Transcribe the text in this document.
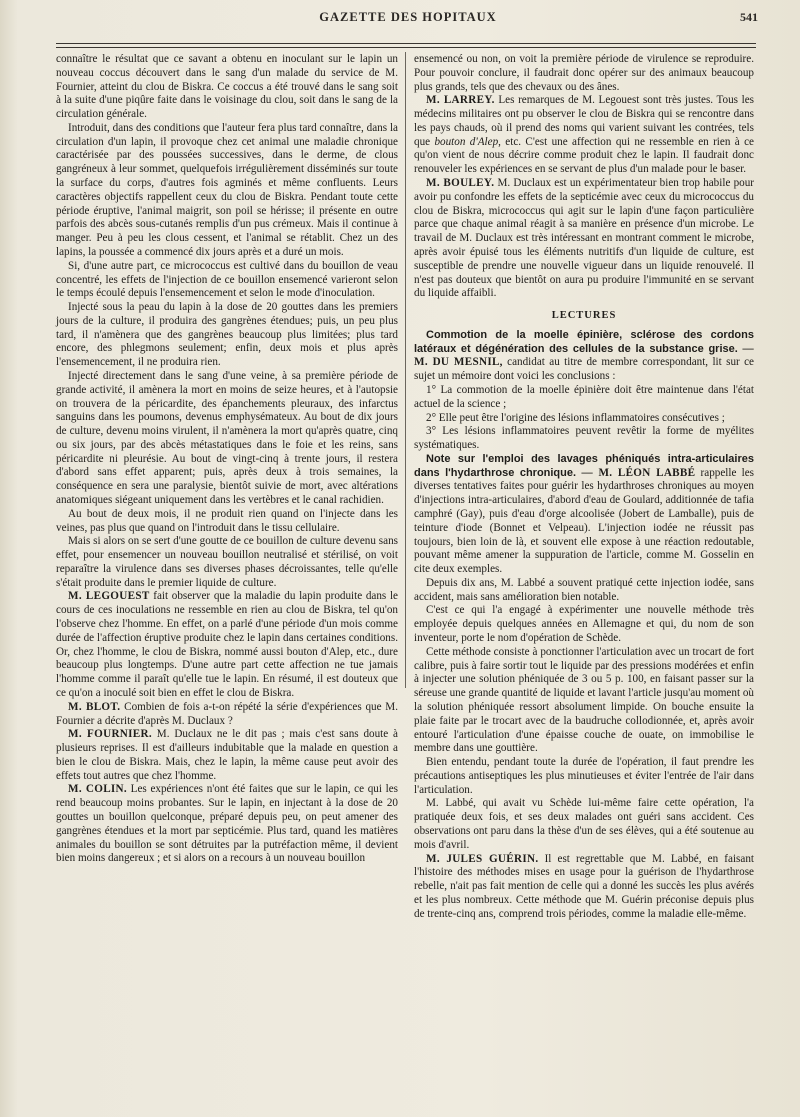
GAZETTE DES HOPITAUX	541

connaître le résultat que ce savant a obtenu en inoculant sur le lapin un nouveau coccus découvert dans le sang d'un malade du service de M. Fournier, atteint du clou de Biskra. Ce coccus a été trouvé dans le sang soit à la suite d'une piqûre faite dans le voisinage du clou, soit dans le sang de la circulation générale.

Introduit, dans des conditions que l'auteur fera plus tard connaître, dans la circulation d'un lapin, il provoque chez cet animal une maladie chronique caractérisée par des poussées successives, dans le derme, de clous gangréneux à leur sommet, quelquefois irrégulièrement disséminés sur toute la surface du corps, d'autres fois agminés et même confluents. Leurs caractères objectifs rappellent ceux du clou de Biskra. Pendant toute cette période éruptive, l'animal maigrit, son poil se hérisse; il présente en outre parfois des abcès sous-cutanés remplis d'un pus crémeux. Mais il continue à manger. Peu à peu les clous cessent, et l'animal se rétablit. Chez un des lapins, la poussée a commencé dix jours après et a duré un mois.

Si, d'une autre part, ce micrococcus est cultivé dans du bouillon de veau concentré, les effets de l'injection de ce bouillon ensemencé varieront selon le temps écoulé depuis l'ensemencement et selon le mode d'inoculation.

Injecté sous la peau du lapin à la dose de 20 gouttes dans les premiers jours de la culture, il produira des gangrènes étendues; puis, un peu plus tard, il n'amènera que des gangrènes beaucoup plus limitées; plus tard encore, des phlegmons seulement; enfin, deux mois et plus après l'ensemencement, il ne produira rien.

Injecté directement dans le sang d'une veine, à sa première période de grande activité, il amènera la mort en moins de seize heures, et à l'autopsie on trouvera de la péricardite, des épanchements pleuraux, des infarctus sanguins dans les poumons, devenus emphysémateux. Au bout de dix jours de culture, devenu moins virulent, il n'amènera la mort qu'après quatre, cinq ou six jours, par des abcès métastatiques dans le foie et les reins, sans péricardite ni pleurésie. Au bout de vingt-cinq à trente jours, il restera d'abord sans effet apparent; puis, après deux à trois semaines, la conséquence en sera une paralysie, bientôt suivie de mort, avec altérations anatomiques siégeant uniquement dans les vertèbres et le canal rachidien.

Au bout de deux mois, il ne produit rien quand on l'injecte dans les veines, pas plus que quand on l'introduit dans le tissu cellulaire.

Mais si alors on se sert d'une goutte de ce bouillon de culture devenu sans effet, pour ensemencer un nouveau bouillon neutralisé et stérilisé, on voit reparaître la virulence dans ses diverses phases décroissantes, telle qu'elle s'était produite dans le premier liquide de culture.

M. LEGOUEST fait observer que la maladie du lapin produite dans le cours de ces inoculations ne ressemble en rien au clou de Biskra, tel qu'on l'observe chez l'homme. En effet, on a parlé d'une période d'un mois comme durée de l'affection éruptive produite chez le lapin dans certaines conditions. Or, chez l'homme, le clou de Biskra, nommé aussi bouton d'Alep, etc., dure beaucoup plus longtemps. D'une autre part cette affection ne tue jamais l'homme comme il paraît qu'elle tue le lapin. En résumé, il est douteux que ce qu'on a inoculé soit bien en effet le clou de Biskra.

M. BLOT. Combien de fois a-t-on répété la série d'expériences que M. Fournier a décrite d'après M. Duclaux ?

M. FOURNIER. M. Duclaux ne le dit pas ; mais c'est sans doute à plusieurs reprises. Il est d'ailleurs indubitable que la malade en question a bien le clou de Biskra. Mais, chez le lapin, la même cause peut avoir des effets tout autres que chez l'homme.

M. COLIN. Les expériences n'ont été faites que sur le lapin, ce qui les rend beaucoup moins probantes. Sur le lapin, en injectant à la dose de 20 gouttes un bouillon quelconque, préparé depuis peu, on peut amener des gangrènes étendues et la mort par septicémie. Plus tard, quand les matières animales du bouillon se sont détruites par la putréfaction même, il devient bien moins dangereux ; et si alors on a recours à un nouveau bouillon

ensemencé ou non, on voit la première période de virulence se reproduire. Pour pouvoir conclure, il faudrait donc opérer sur des animaux beaucoup plus grands, tels que des chevaux ou des ânes.

M. LARREY. Les remarques de M. Legouest sont très justes. Tous les médecins militaires ont pu observer le clou de Biskra qui se rencontre dans les pays chauds, où il prend des noms qui varient suivant les contrées, tels que bouton d'Alep, etc. C'est une affection qui ne ressemble en rien à ce qu'on vient de nous décrire comme produit chez le lapin. Il faudrait donc renouveler les expériences en se servant de plus d'un malade pour le baser.

M. BOULEY. M. Duclaux est un expérimentateur bien trop habile pour avoir pu confondre les effets de la septicémie avec ceux du micrococcus du clou de Biskra, micrococcus qui agit sur le lapin d'une façon particulière parce que chaque animal réagit à sa manière en présence d'un microbe. Le travail de M. Duclaux est très intéressant en montrant comment le microbe, après avoir épuisé tous les éléments nutritifs d'un liquide de culture, est susceptible de prendre une nouvelle vigueur dans un liquide renouvelé. Il n'est pas douteux que bientôt on aura pu produire l'immunité en se servant du liquide affaibli.

LECTURES

Commotion de la moelle épinière, sclérose des cordons latéraux et dégénération des cellules de la substance grise. — M. DU MESNIL, candidat au titre de membre correspondant, lit sur ce sujet un mémoire dont voici les conclusions :

1° La commotion de la moelle épinière doit être maintenue dans l'état actuel de la science ;

2° Elle peut être l'origine des lésions inflammatoires consécutives ;

3° Les lésions inflammatoires peuvent revêtir la forme de myélites systématiques.

Note sur l'emploi des lavages phéniqués intra-articulaires dans l'hydarthrose chronique. — M. LÉON LABBÉ rappelle les diverses tentatives faites pour guérir les hydarthroses chroniques au moyen d'injections intra-articulaires, d'abord d'eau de Goulard, additionnée de tafia camphré (Gay), puis d'eau d'orge alcoolisée (Jobert de Lamballe), puis de teinture d'iode (Bonnet et Velpeau). L'injection iodée ne réussit pas toujours, bien loin de là, et souvent elle expose à une réaction redoutable, pouvant même amener la suppuration de l'article, comme M. Gosselin en cite deux exemples.

Depuis dix ans, M. Labbé a souvent pratiqué cette injection iodée, sans accident, mais sans amélioration bien notable.

C'est ce qui l'a engagé à expérimenter une nouvelle méthode très employée depuis quelques années en Allemagne et qui, du nom de son inventeur, porte le nom d'opération de Schède.

Cette méthode consiste à ponctionner l'articulation avec un trocart de fort calibre, puis à faire sortir tout le liquide par des pressions modérées et enfin à injecter une solution phéniquée de 3 ou 5 p. 100, en faisant passer sur la séreuse une grande quantité de liquide et lavant l'article jusqu'au moment où la solution phéniquée ressort absolument limpide. On bouche ensuite la plaie faite par le trocart avec de la baudruche collodionnée, et, après avoir entouré l'articulation d'une épaisse couche de ouate, on immobilise le membre dans une gouttière.

Bien entendu, pendant toute la durée de l'opération, il faut prendre les précautions antiseptiques les plus minutieuses et éviter l'entrée de l'air dans l'articulation.

M. Labbé, qui avait vu Schède lui-même faire cette opération, l'a pratiquée deux fois, et ses deux malades ont guéri sans accident. Ces observations ont paru dans la thèse d'un de ses élèves, qui a été soutenue au mois d'avril.

M. JULES GUÉRIN. Il est regrettable que M. Labbé, en faisant l'histoire des méthodes mises en usage pour la guérison de l'hydarthrose rebelle, n'ait pas fait mention de celle qui a donné les succès les plus avérés et les plus nombreux. Cette méthode que M. Guérin préconise depuis plus de trente-cinq ans, comprend trois périodes, comme la maladie elle-même.
